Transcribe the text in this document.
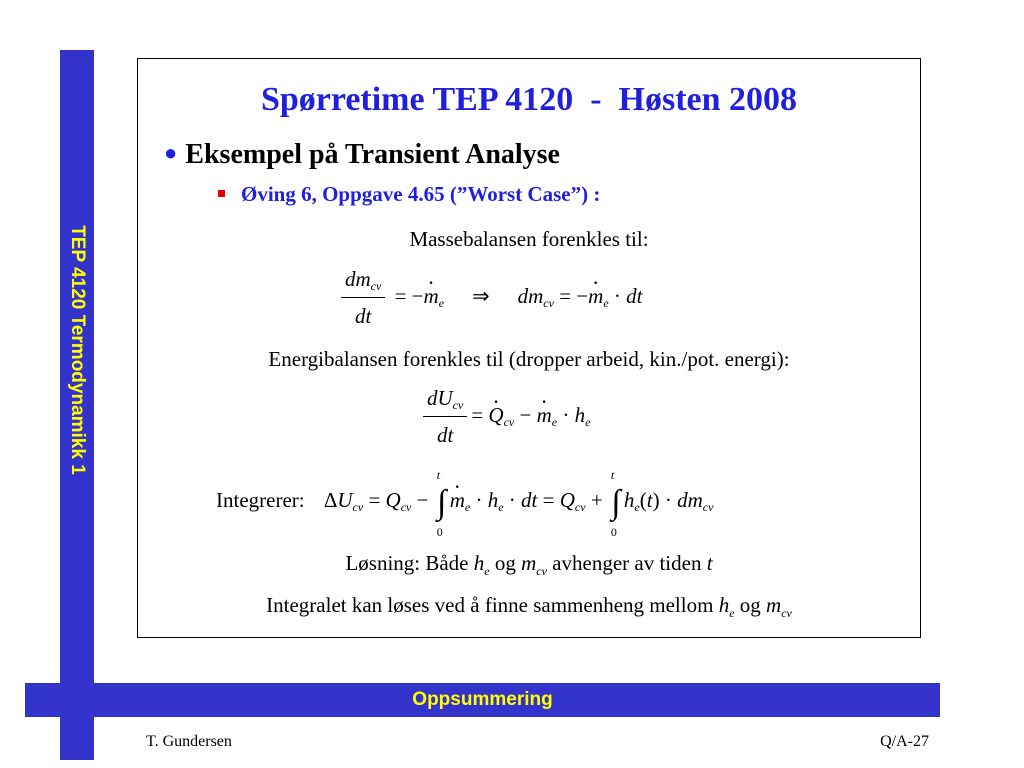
TEP 4120 Termodynamikk 1
Spørretime TEP 4120  -  Høsten 2008
● Eksempel på Transient Analyse
Øving 6, Oppgave 4.65 (”Worst Case”) :
Massebalansen forenkles til:
$\frac{dm_{cv}}{dt} = -m \cdot_e$ ⇒ $dm_{cv} = -m \cdot_e$ · dt
Energibalansen forenkles til (dropper arbeid, kin./pot. energi):
$\frac{dU_{cv}}{dt} = Q \cdot_{cv} - m \cdot_e \cdot h_e$
Integrerer: $\Delta U_{cv} = Q_{cv}$ −
t
∫
0
$m \cdot_e \cdot h_e$ · dt = $Q_{cv}$ +
t
∫
0
$h_e(t) \cdot dm_{cv}$
Løsning: Både $h_e$ og $m_{cv}$ avhenger av tiden t
Integralet kan løses ved å finne sammenheng mellom $h_e$ og $m_{cv}$
Oppsummering
T. Gundersen	Q/A-27
